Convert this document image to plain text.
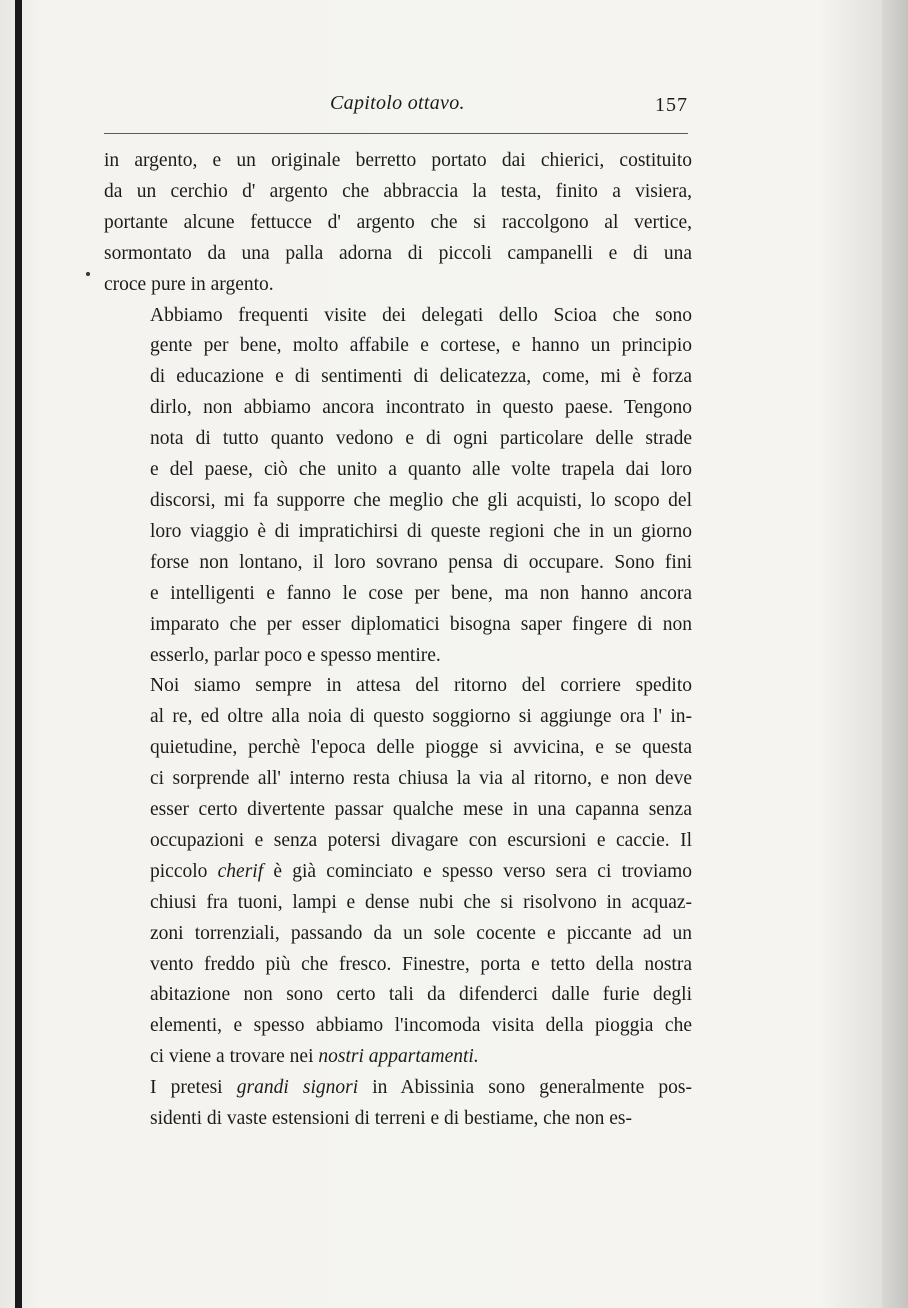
Capitolo ottavo.	157

in argento, e un originale berretto portato dai chierici, costituito
da un cerchio d' argento che abbraccia la testa, finito a visiera,
portante alcune fettucce d' argento che si raccolgono al vertice,
sormontato da una palla adorna di piccoli campanelli e di una
croce pure in argento.

Abbiamo frequenti visite dei delegati dello Scioa che sono
gente per bene, molto affabile e cortese, e hanno un principio
di educazione e di sentimenti di delicatezza, come, mi è forza
dirlo, non abbiamo ancora incontrato in questo paese. Tengono
nota di tutto quanto vedono e di ogni particolare delle strade
e del paese, ciò che unito a quanto alle volte trapela dai loro
discorsi, mi fa supporre che meglio che gli acquisti, lo scopo del
loro viaggio è di impratichirsi di queste regioni che in un giorno
forse non lontano, il loro sovrano pensa di occupare. Sono fini
e intelligenti e fanno le cose per bene, ma non hanno ancora
imparato che per esser diplomatici bisogna saper fingere di non
esserlo, parlar poco e spesso mentire.

Noi siamo sempre in attesa del ritorno del corriere spedito
al re, ed oltre alla noia di questo soggiorno si aggiunge ora l' in-
quietudine, perchè l'epoca delle piogge si avvicina, e se questa
ci sorprende all' interno resta chiusa la via al ritorno, e non deve
esser certo divertente passar qualche mese in una capanna senza
occupazioni e senza potersi divagare con escursioni e caccie. Il
piccolo cherif è già cominciato e spesso verso sera ci troviamo
chiusi fra tuoni, lampi e dense nubi che si risolvono in acquaz-
zoni torrenziali, passando da un sole cocente e piccante ad un
vento freddo più che fresco. Finestre, porta e tetto della nostra
abitazione non sono certo tali da difenderci dalle furie degli
elementi, e spesso abbiamo l'incomoda visita della pioggia che
ci viene a trovare nei nostri appartamenti.

I pretesi grandi signori in Abissinia sono generalmente pos-
sidenti di vaste estensioni di terreni e di bestiame, che non es-
